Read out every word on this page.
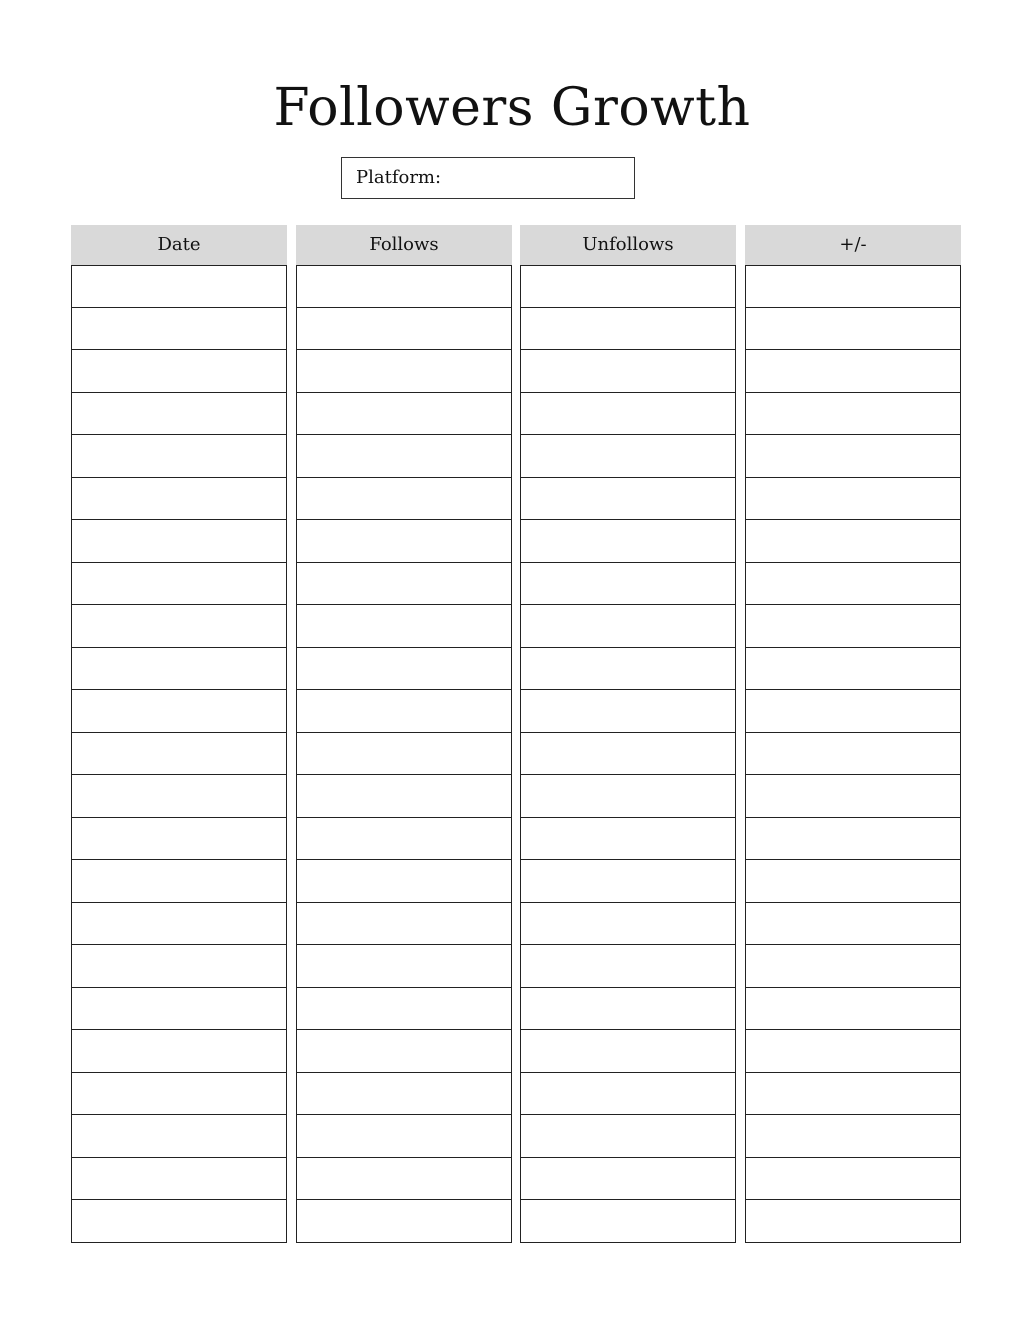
Followers Growth
Platform:
Date	Follows	Unfollows	+/-
